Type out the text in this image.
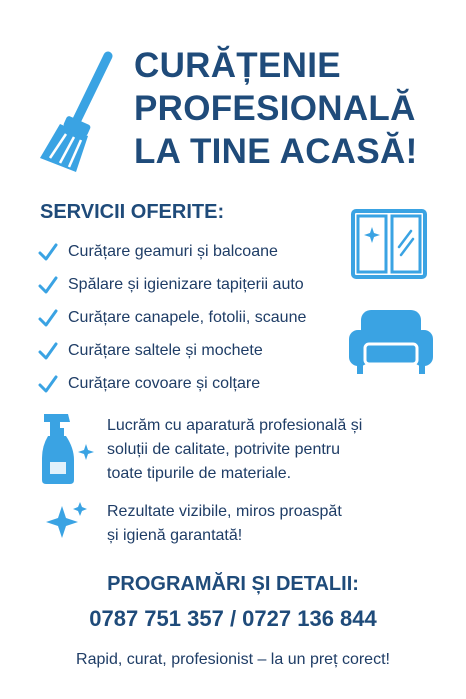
CURĂȚENIE
PROFESIONALĂ
LA TINE ACASĂ!
SERVICII OFERITE:
Curățare geamuri și balcoane
Spălare și igienizare tapițerii auto
Curățare canapele, fotolii, scaune
Curățare saltele și mochete
Curățare covoare și colțare
Lucrăm cu aparatură profesională și
soluții de calitate, potrivite pentru
toate tipurile de materiale.
Rezultate vizibile, miros proaspăt
și igienă garantată!
PROGRAMĂRI ȘI DETALII:
0787 751 357 / 0727 136 844
Rapid, curat, profesionist – la un preț corect!
